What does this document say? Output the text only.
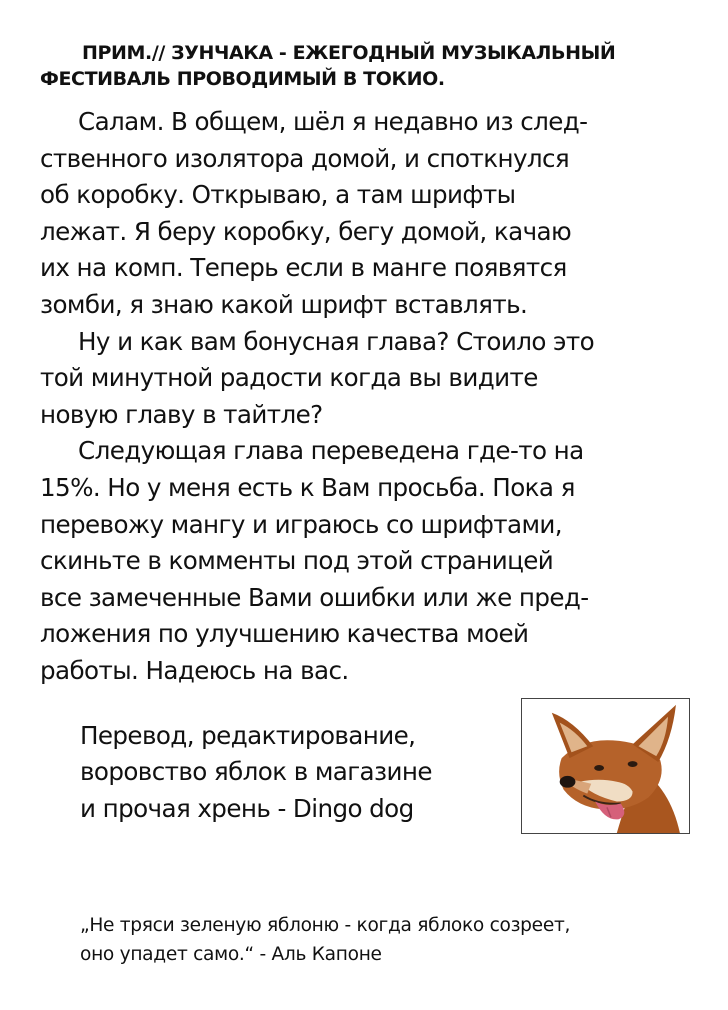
ПРИМ.// ЗУНЧАКА - ЕЖЕГОДНЫЙ МУЗЫКАЛЬНЫЙ
ФЕСТИВАЛЬ ПРОВОДИМЫЙ В ТОКИО.
Салам. В общем, шёл я недавно из след-
ственного изолятора домой, и споткнулся
об коробку. Открываю, а там шрифты
лежат. Я беру коробку, бегу домой, качаю
их на комп. Теперь если в манге появятся
зомби, я знаю какой шрифт вставлять.
Ну и как вам бонусная глава? Стоило это
той минутной радости когда вы видите
новую главу в тайтле?
Следующая глава переведена где-то на
15%. Но у меня есть к Вам просьба. Пока я
перевожу мангу и играюсь со шрифтами,
скиньте в комменты под этой страницей
все замеченные Вами ошибки или же пред-
ложения по улучшению качества моей
работы. Надеюсь на вас.
Перевод, редактирование,
воровство яблок в магазине
и прочая хрень - Dingo dog
„Не тряси зеленую яблоню - когда яблоко созреет,
оно упадет само.“ - Аль Капоне
